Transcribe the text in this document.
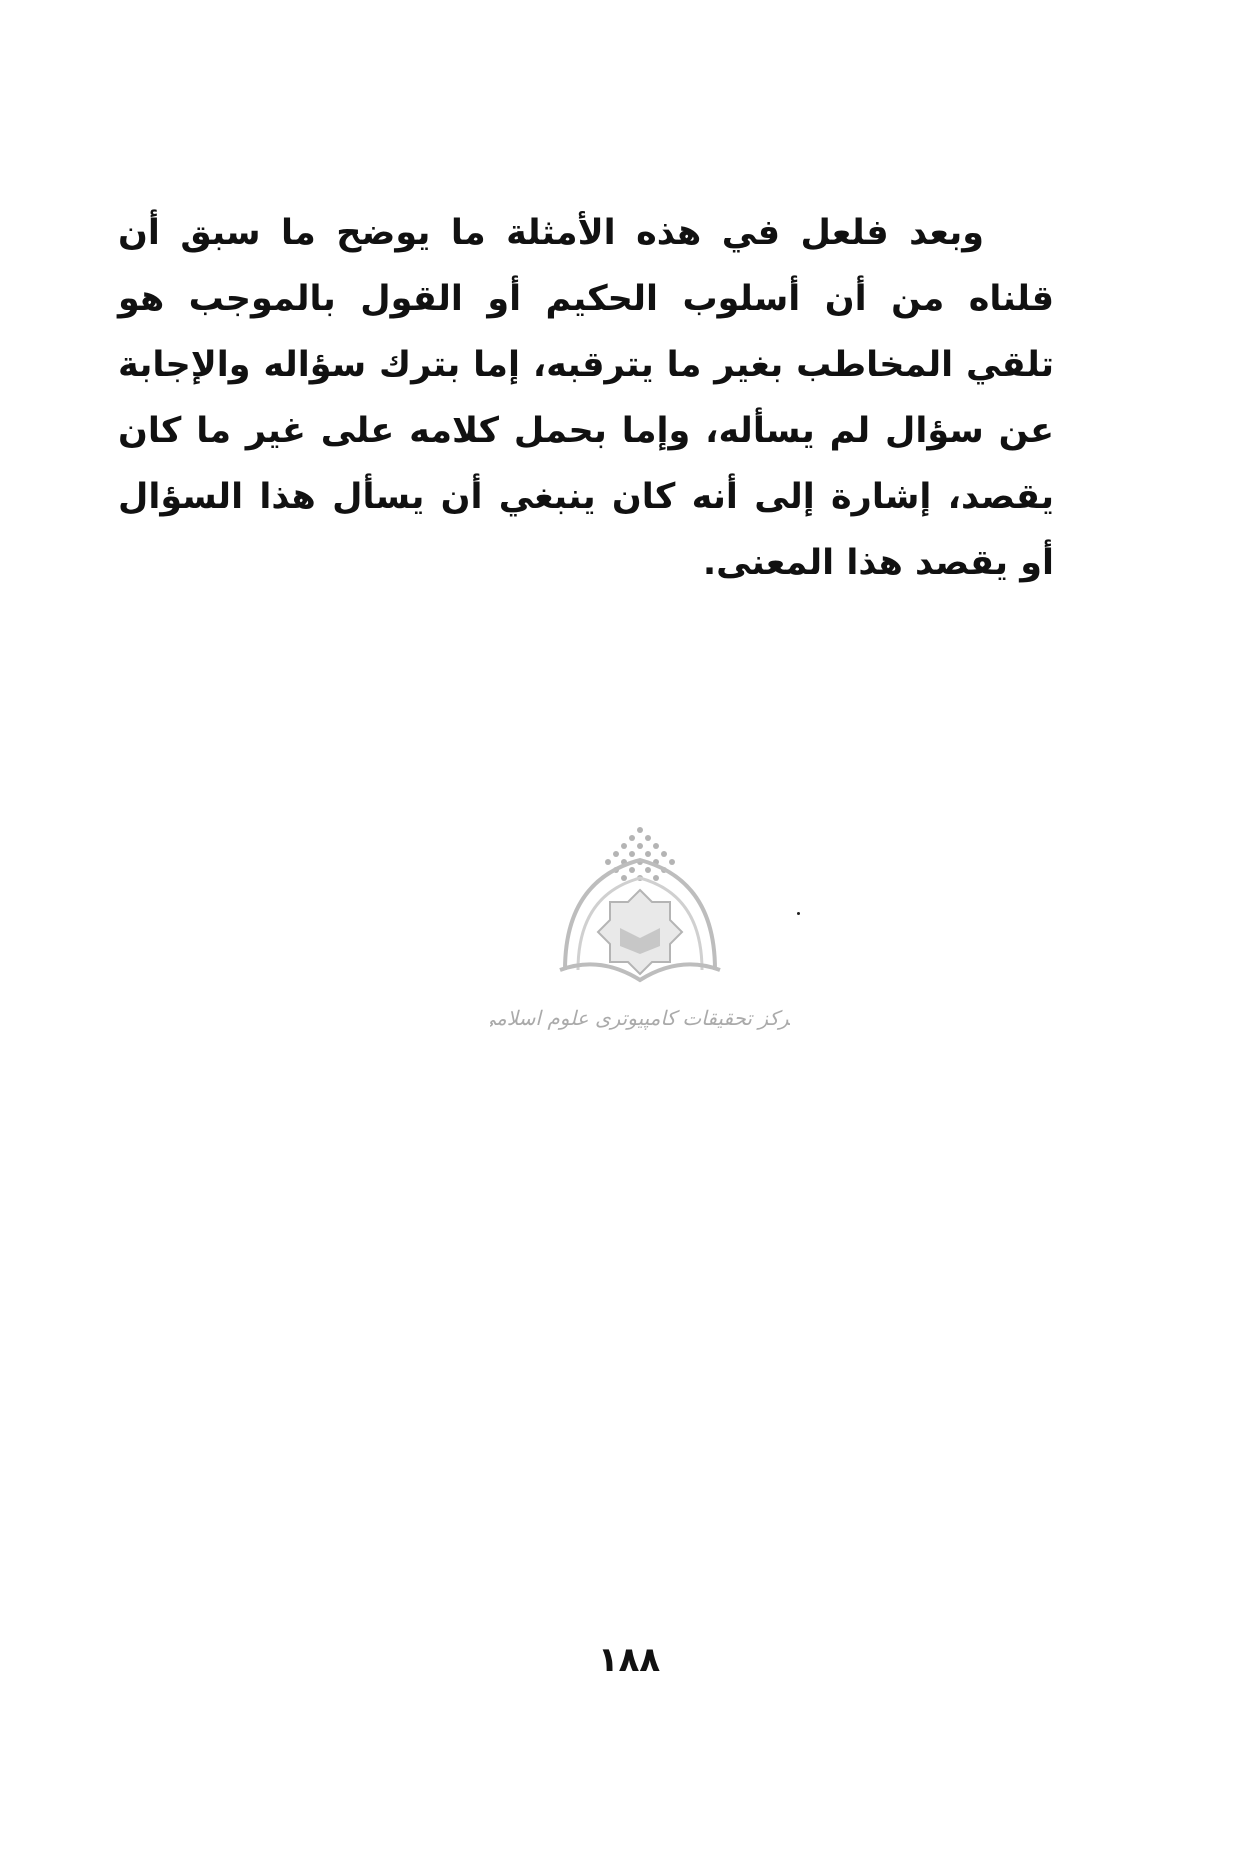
وبعد فلعل في هذه الأمثلة ما يوضح ما سبق أن قلناه من أن أسلوب الحكيم أو القول بالموجب هو تلقي المخاطب بغير ما يترقبه، إما بترك سؤاله والإجابة عن سؤال لم يسأله، وإما بحمل كلامه على غير ما كان يقصد، إشارة إلى أنه كان ينبغي أن يسأل هذا السؤال أو يقصد هذا المعنى.

مرکز تحقیقات کامپیوتری علوم اسلامی
١٨٨
